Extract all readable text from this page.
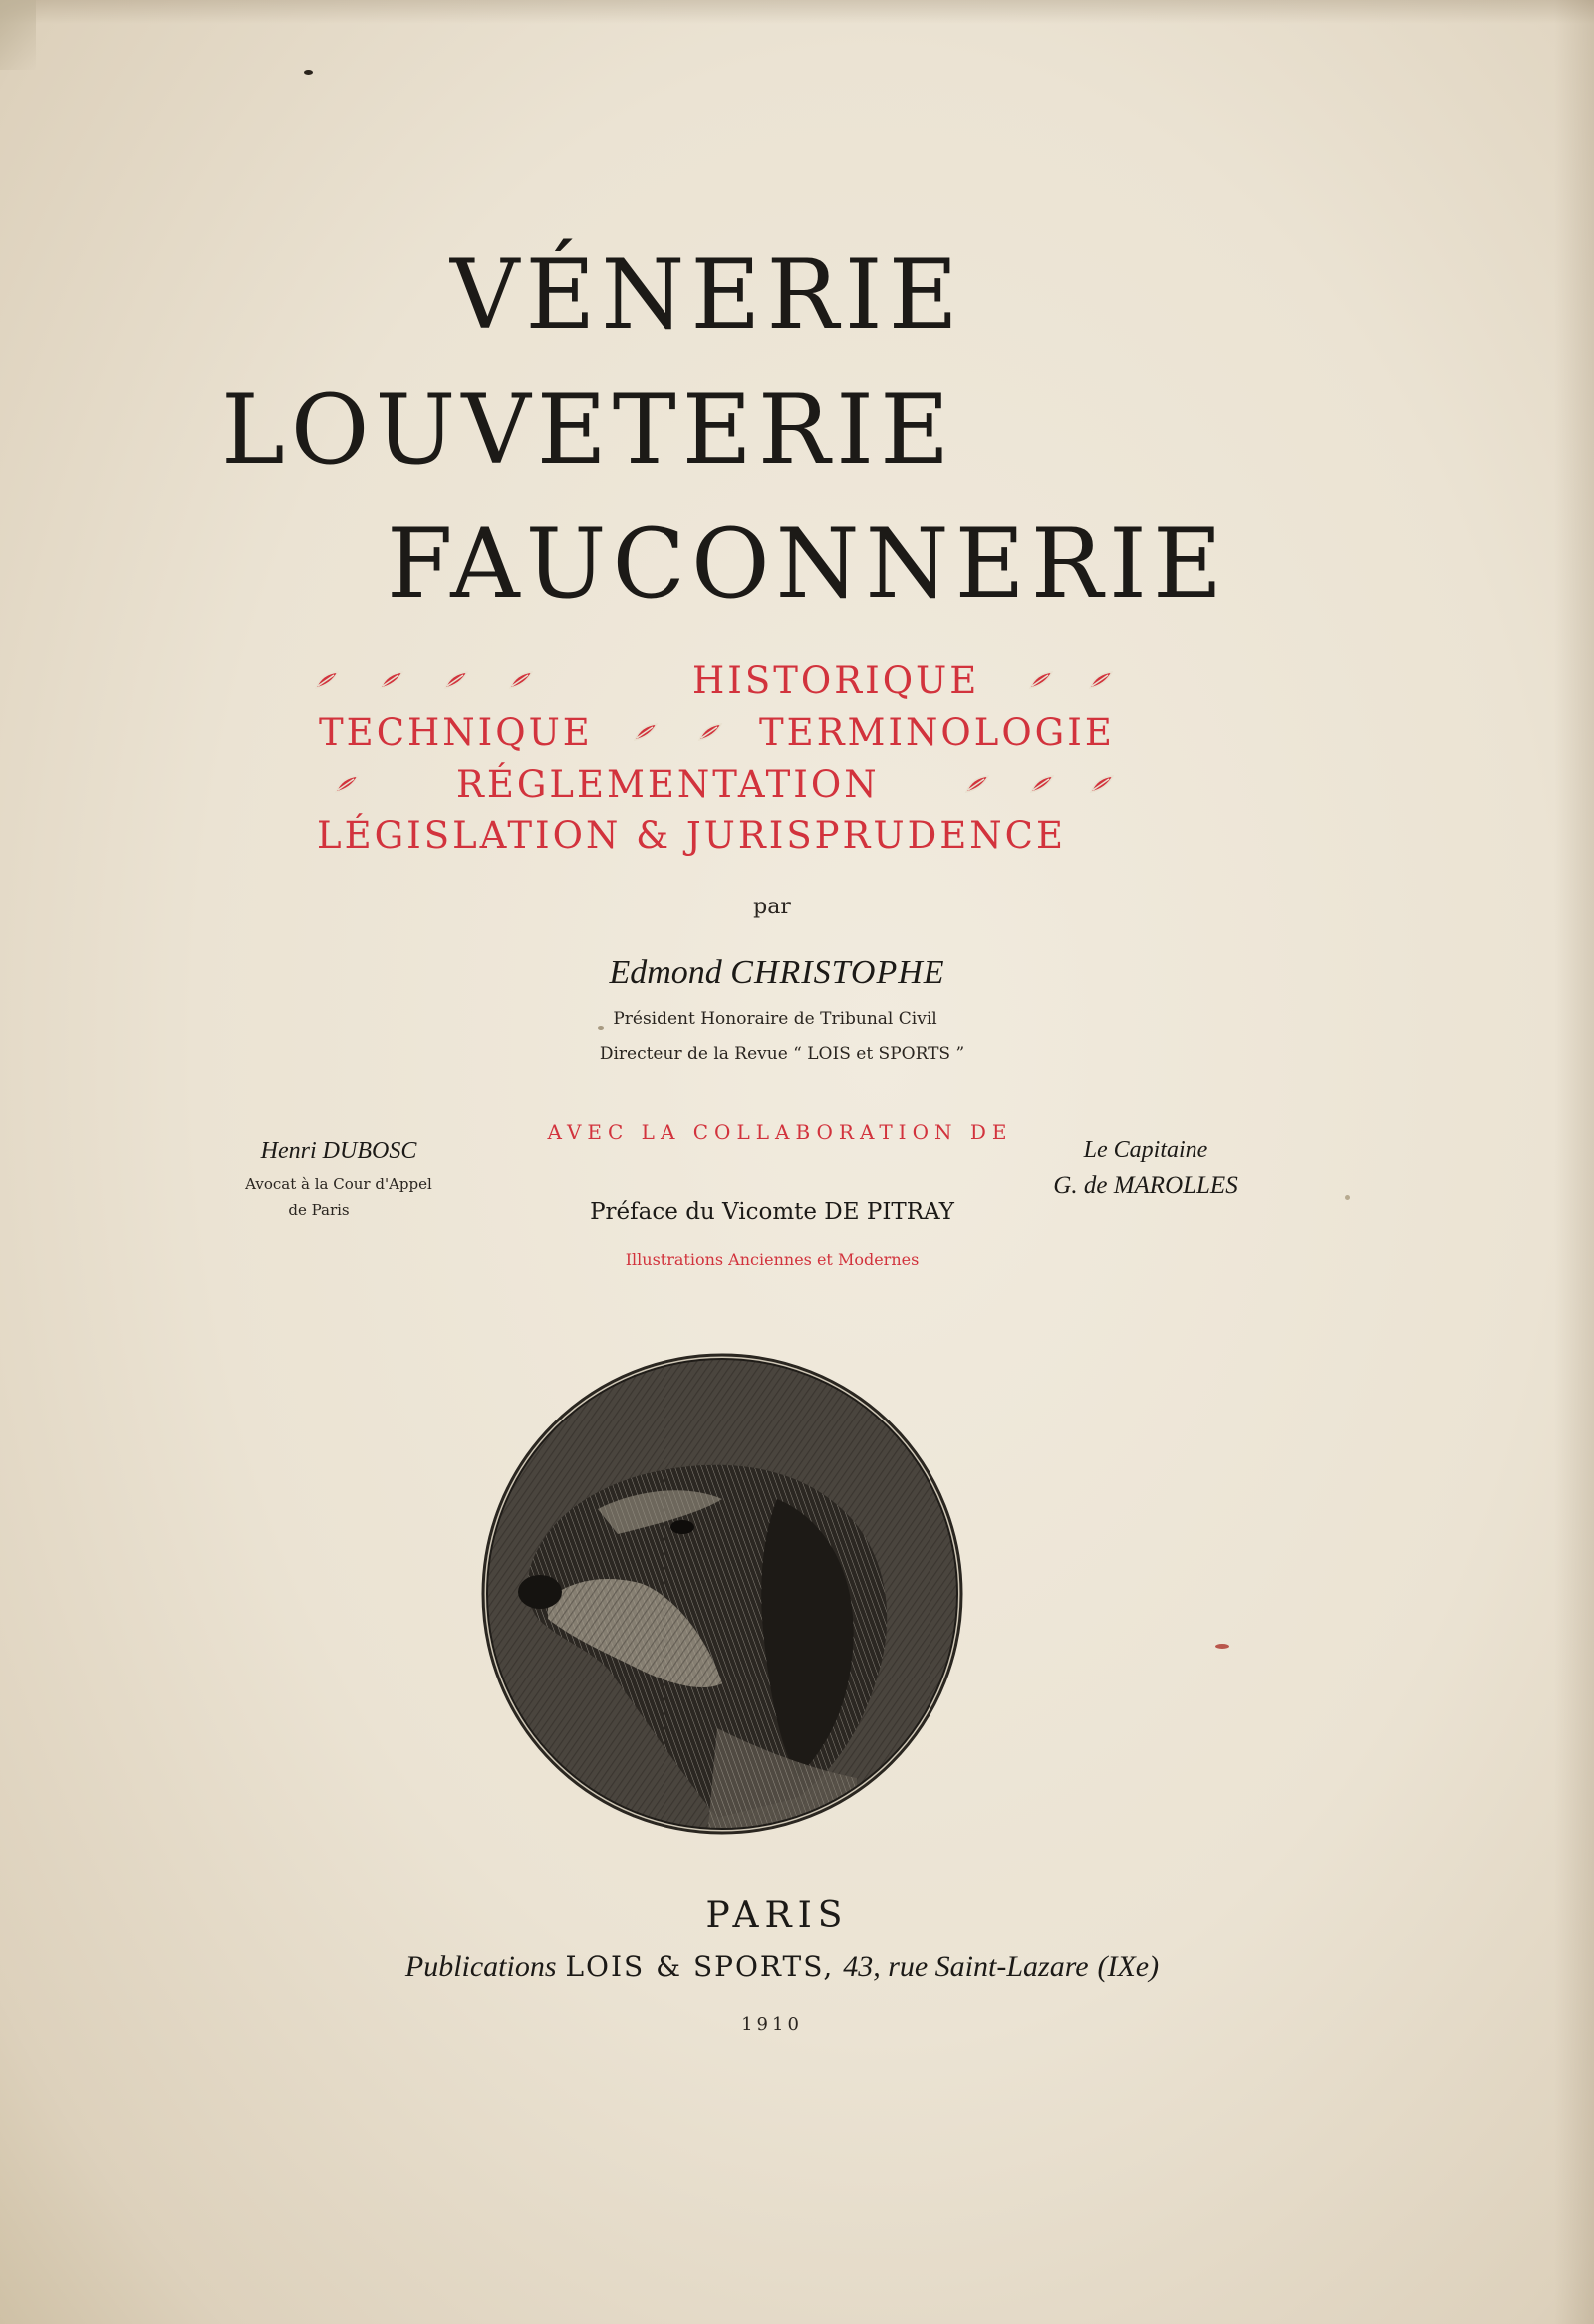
VÉNERIE
LOUVETERIE
FAUCONNERIE
HISTORIQUE
TECHNIQUE	TERMINOLOGIE
RÉGLEMENTATION
LÉGISLATION & JURISPRUDENCE
par
Edmond CHRISTOPHE
Président Honoraire de Tribunal Civil
Directeur de la Revue “ LOIS et SPORTS ”
AVEC LA COLLABORATION DE
Henri DUBOSC
Avocat à la Cour d'Appel
de Paris
Le Capitaine
G. de MAROLLES
Préface du Vicomte DE PITRAY
Illustrations Anciennes et Modernes
PARIS
Publications LOIS & SPORTS, 43, rue Saint-Lazare (IXe)
1910
